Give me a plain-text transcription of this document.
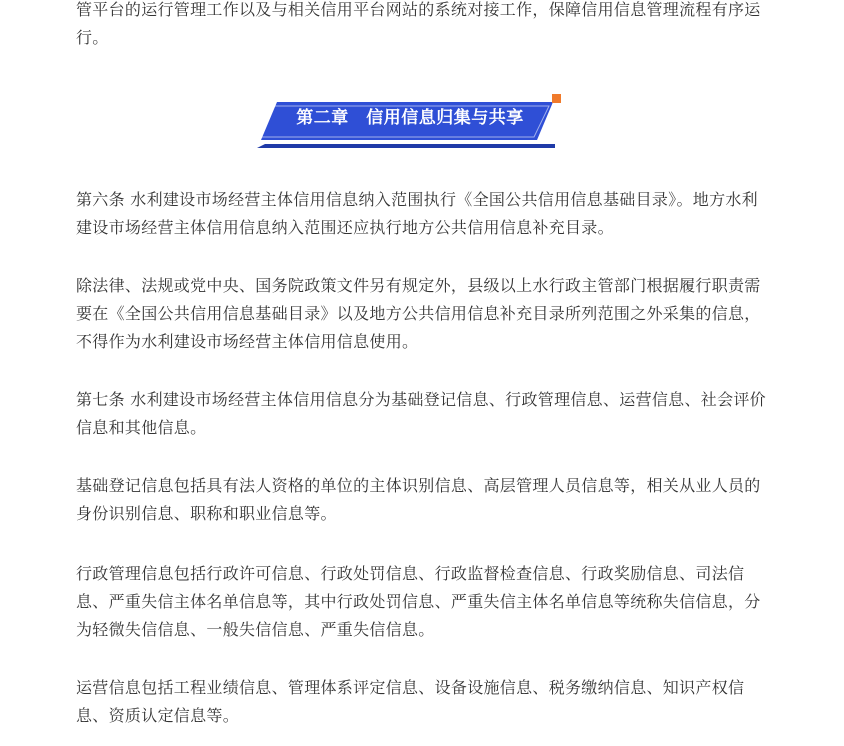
管平台的运行管理工作以及与相关信用平台网站的系统对接工作，保障信用信息管理流程有序运行。

第六条 水利建设市场经营主体信用信息纳入范围执行《全国公共信用信息基础目录》。地方水利建设市场经营主体信用信息纳入范围还应执行地方公共信用信息补充目录。

除法律、法规或党中央、国务院政策文件另有规定外，县级以上水行政主管部门根据履行职责需要在《全国公共信用信息基础目录》以及地方公共信用信息补充目录所列范围之外采集的信息，不得作为水利建设市场经营主体信用信息使用。

第七条 水利建设市场经营主体信用信息分为基础登记信息、行政管理信息、运营信息、社会评价信息和其他信息。

基础登记信息包括具有法人资格的单位的主体识别信息、高层管理人员信息等，相关从业人员的身份识别信息、职称和职业信息等。

行政管理信息包括行政许可信息、行政处罚信息、行政监督检查信息、行政奖励信息、司法信息、严重失信主体名单信息等，其中行政处罚信息、严重失信主体名单信息等统称失信信息，分为轻微失信信息、一般失信信息、严重失信信息。

运营信息包括工程业绩信息、管理体系评定信息、设备设施信息、税务缴纳信息、知识产权信息、资质认定信息等。

第二章　信用信息归集与共享
